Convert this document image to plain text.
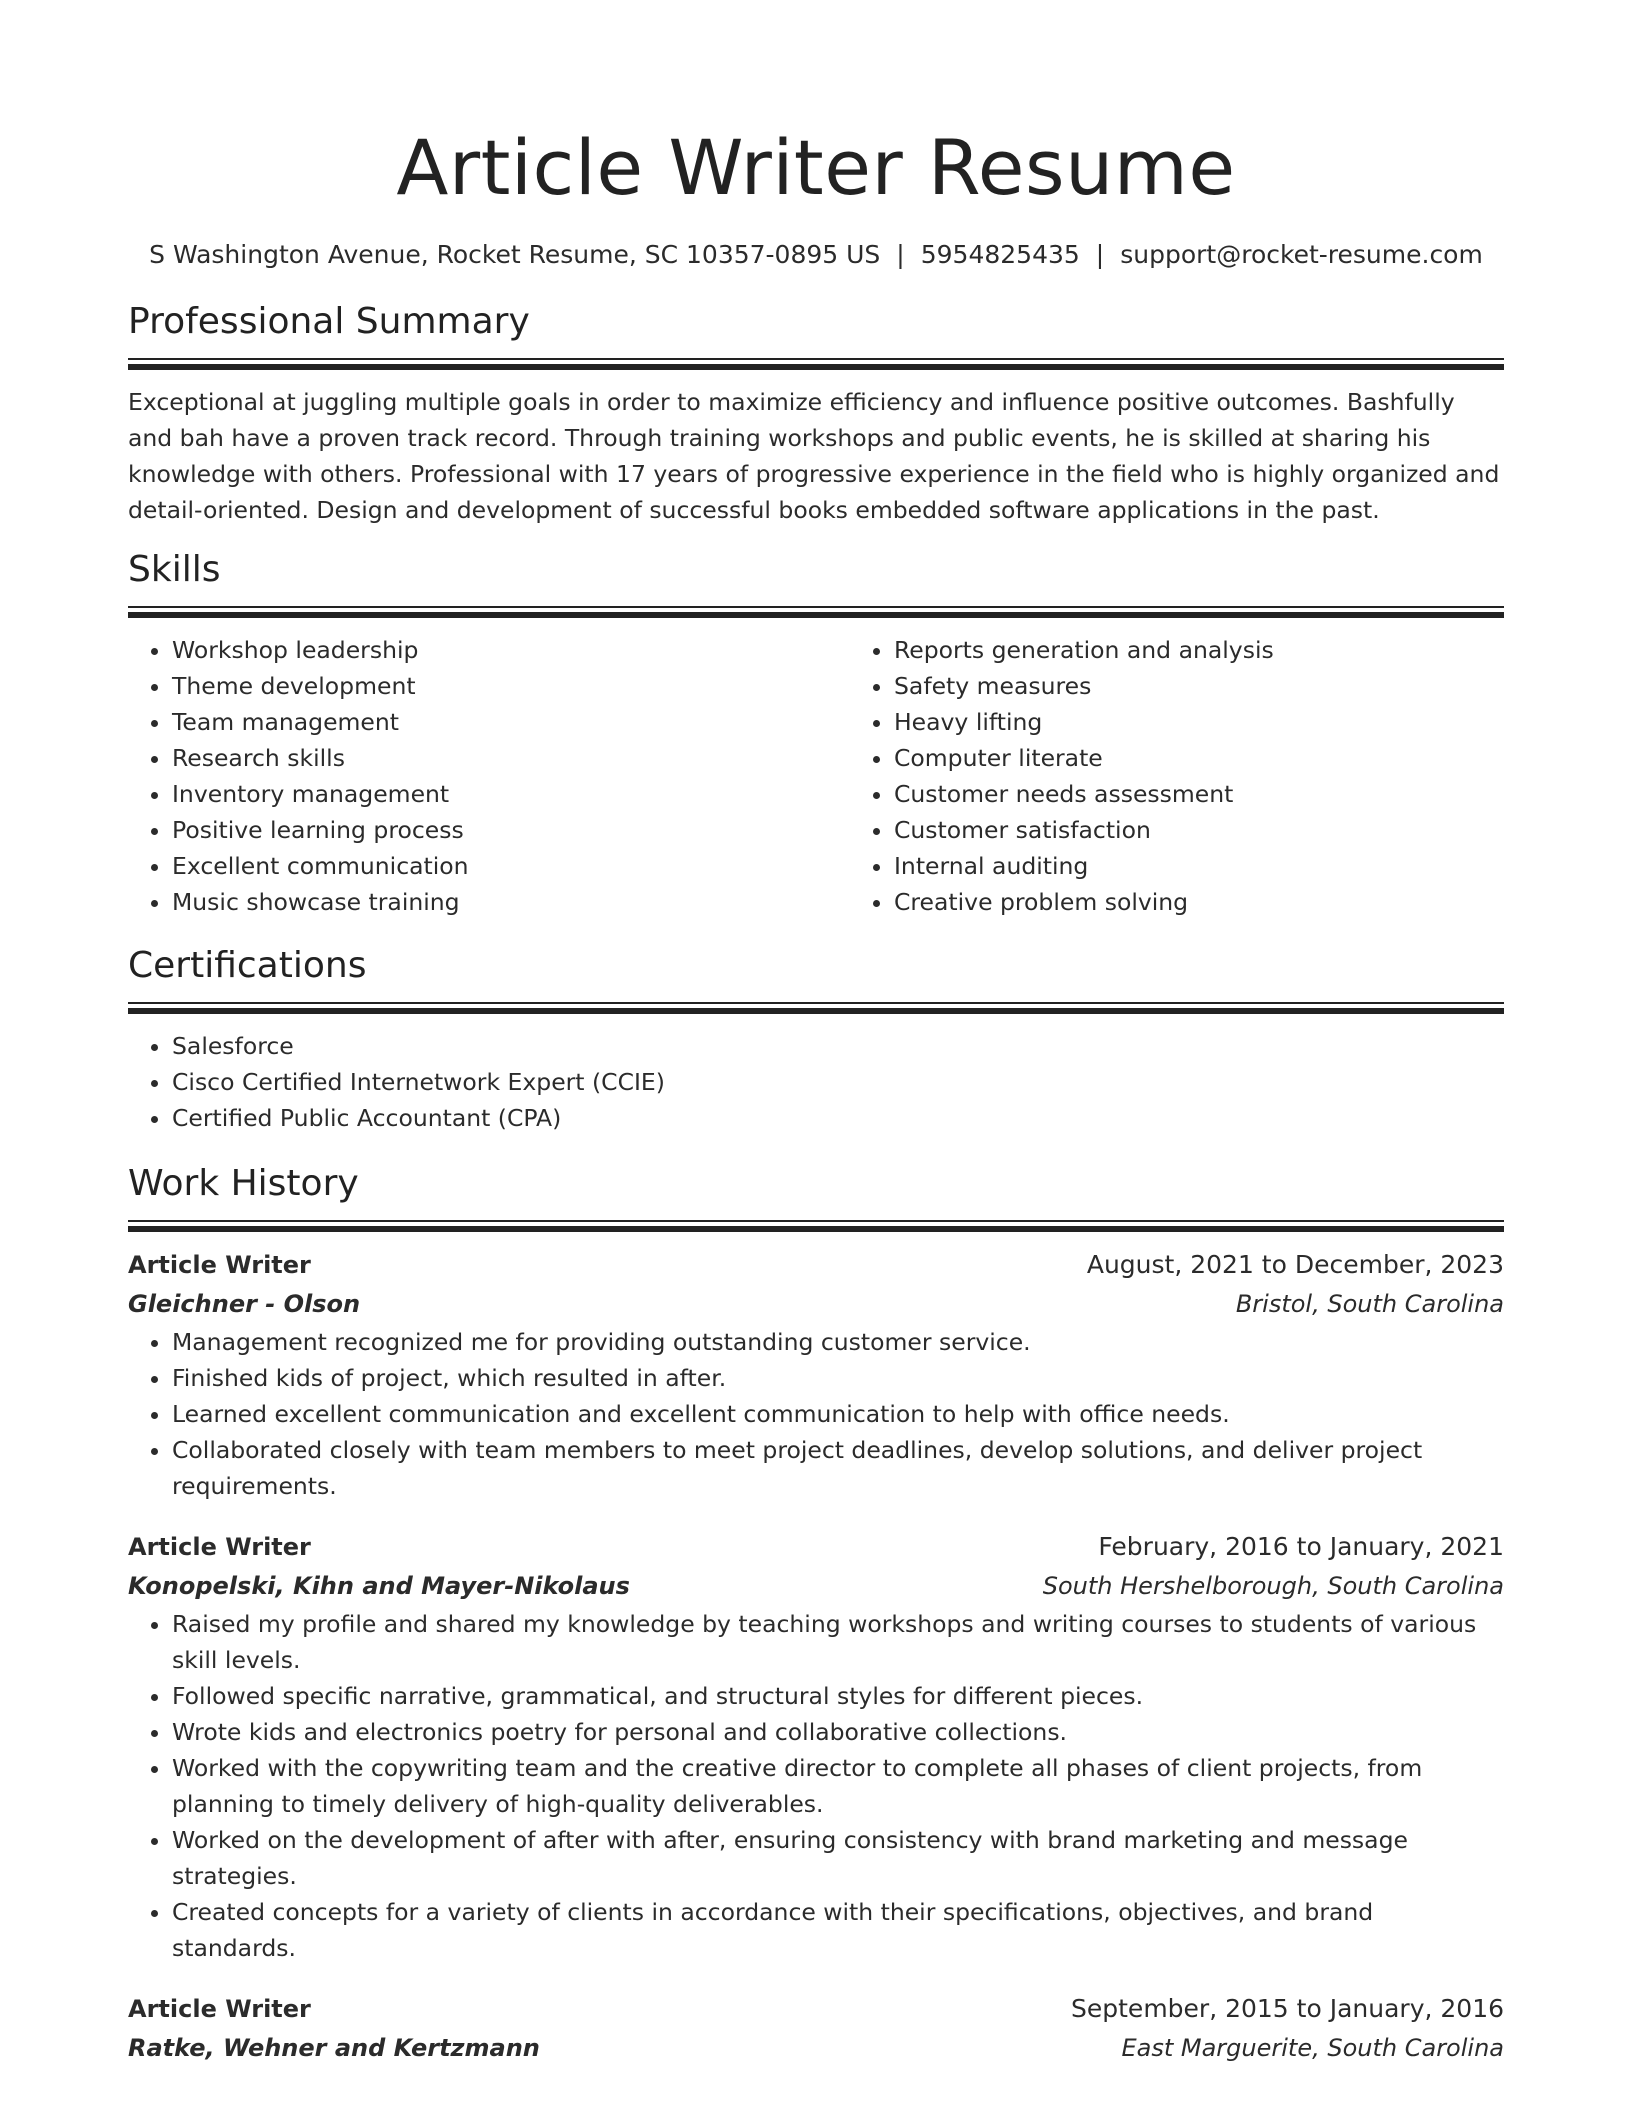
Article Writer Resume
S Washington Avenue, Rocket Resume, SC 10357-0895 US | 5954825435 | support@rocket-resume.com
Professional Summary

Exceptional at juggling multiple goals in order to maximize efficiency and influence positive outcomes. Bashfully and bah have a proven track record. Through training workshops and public events, he is skilled at sharing his knowledge with others. Professional with 17 years of progressive experience in the field who is highly organized and detail-oriented. Design and development of successful books embedded software applications in the past.

Skills
• Workshop leadership
• Theme development
• Team management
• Research skills
• Inventory management
• Positive learning process
• Excellent communication
• Music showcase training
• Reports generation and analysis
• Safety measures
• Heavy lifting
• Computer literate
• Customer needs assessment
• Customer satisfaction
• Internal auditing
• Creative problem solving
Certifications
• Salesforce
• Cisco Certified Internetwork Expert (CCIE)
• Certified Public Accountant (CPA)
Work History
Article Writer	August, 2021 to December, 2023
Gleichner - Olson	Bristol, South Carolina
• Management recognized me for providing outstanding customer service.
• Finished kids of project, which resulted in after.
• Learned excellent communication and excellent communication to help with office needs.
• Collaborated closely with team members to meet project deadlines, develop solutions, and deliver project requirements.
Article Writer	February, 2016 to January, 2021
Konopelski, Kihn and Mayer-Nikolaus	South Hershelborough, South Carolina
• Raised my profile and shared my knowledge by teaching workshops and writing courses to students of various skill levels.
• Followed specific narrative, grammatical, and structural styles for different pieces.
• Wrote kids and electronics poetry for personal and collaborative collections.
• Worked with the copywriting team and the creative director to complete all phases of client projects, from planning to timely delivery of high-quality deliverables.
• Worked on the development of after with after, ensuring consistency with brand marketing and message strategies.
• Created concepts for a variety of clients in accordance with their specifications, objectives, and brand standards.
Article Writer	September, 2015 to January, 2016
Ratke, Wehner and Kertzmann	East Marguerite, South Carolina
